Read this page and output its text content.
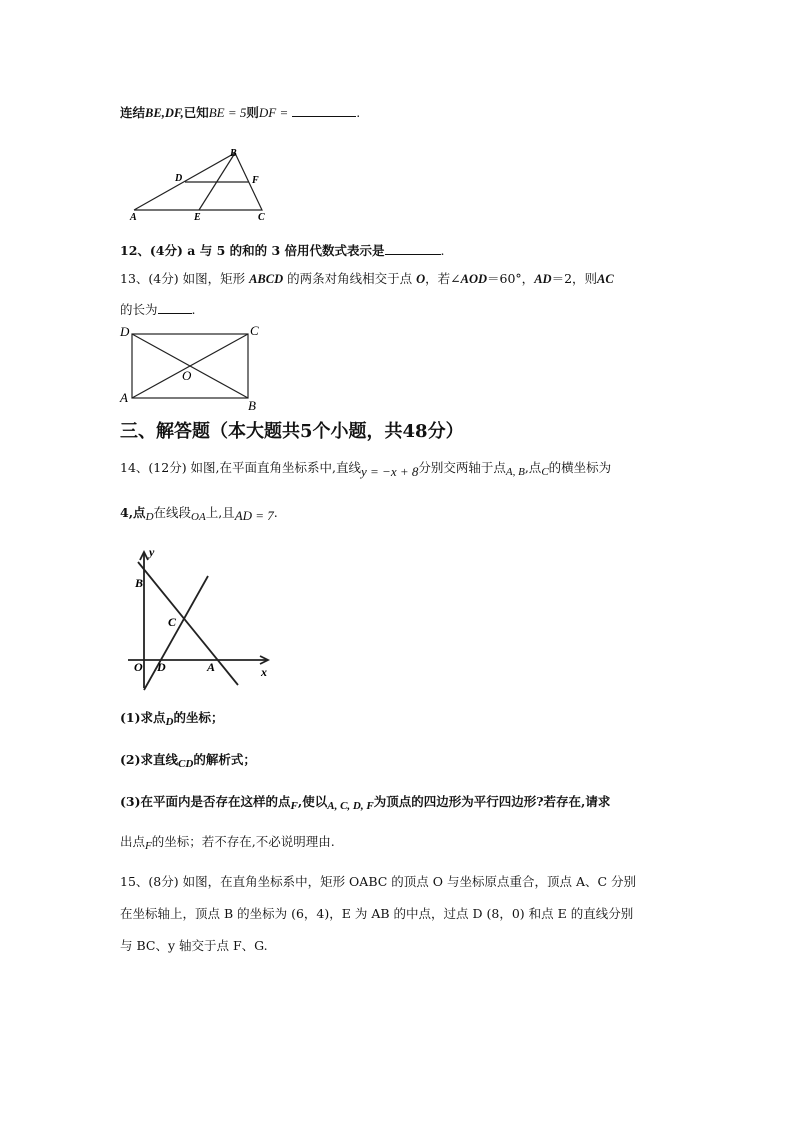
连结BE,DF,已知BE = 5则DF =	.
B
D	F
A	E	C
12、(4分) a 与 5 的和的 3 倍用代数式表示是	.
13、(4分) 如图，矩形 ABCD 的两条对角线相交于点 O，若∠AOD＝60°，AD＝2，则AC
的长为	.
D	C
O
A
B
三、解答题（本大题共5个小题，共48分）
14、(12分) 如图,在平面直角坐标系中,直线y = −x + 8分别交两轴于点A, B,点C的横坐标为
4,点D在线段OA上,且AD = 7.
y
B
C
O D	A	x
(1)求点D的坐标；
(2)求直线CD的解析式；
(3)在平面内是否存在这样的点F,使以A, C, D, F为顶点的四边形为平行四边形?若存在,请求
出点F的坐标；若不存在,不必说明理由.
15、(8分) 如图，在直角坐标系中，矩形 OABC 的顶点 O 与坐标原点重合，顶点 A、C 分别
在坐标轴上，顶点 B 的坐标为 (6，4)，E 为 AB 的中点，过点 D (8，0) 和点 E 的直线分别
与 BC、y 轴交于点 F、G.
